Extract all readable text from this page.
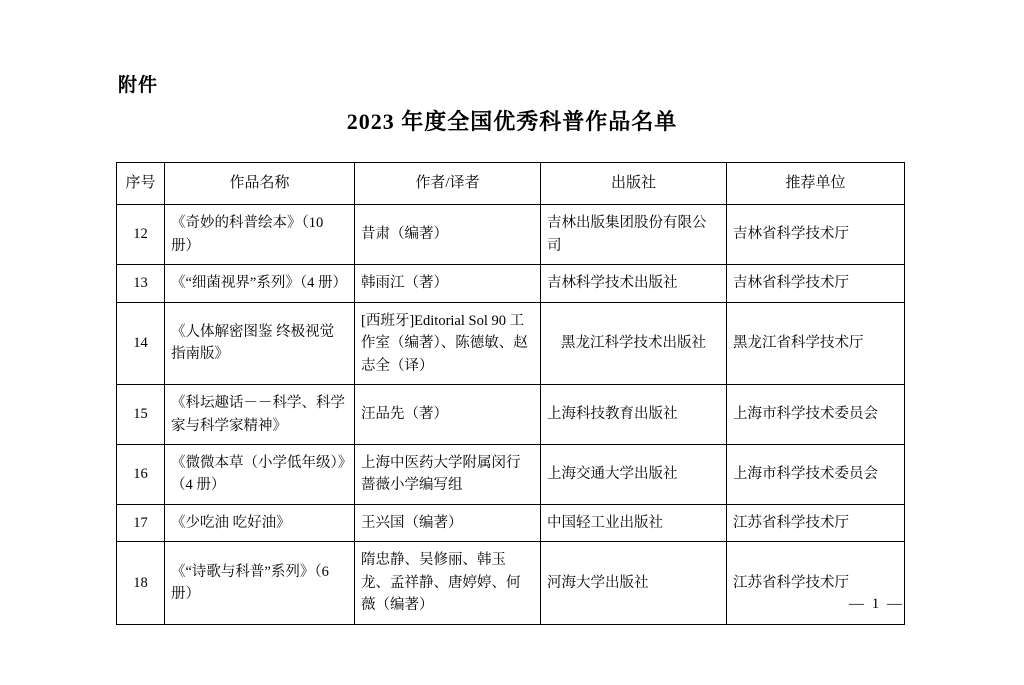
附件
2023 年度全国优秀科普作品名单
序号	作品名称	作者/译者	出版社	推荐单位
12	《奇妙的科普绘本》（10 册）	昔肃（编著）	吉林出版集团股份有限公司	吉林省科学技术厅
13	《“细菌视界”系列》（4 册）	韩雨江（著）	吉林科学技术出版社	吉林省科学技术厅
14	《人体解密图鉴 终极视觉指南版》	[西班牙]Editorial Sol 90 工作室（编著）、陈德敏、赵志全（译）	黑龙江科学技术出版社	黑龙江省科学技术厅
15	《科坛趣话－－科学、科学家与科学家精神》	汪品先（著）	上海科技教育出版社	上海市科学技术委员会
16	《微微本草（小学低年级）》（4 册）	上海中医药大学附属闵行蔷薇小学编写组	上海交通大学出版社	上海市科学技术委员会
17	《少吃油 吃好油》	王兴国（编著）	中国轻工业出版社	江苏省科学技术厅
18	《“诗歌与科普”系列》（6 册）	隋忠静、吴修丽、韩玉龙、孟祥静、唐婷婷、何薇（编著）	河海大学出版社	江苏省科学技术厅
— 1 —
